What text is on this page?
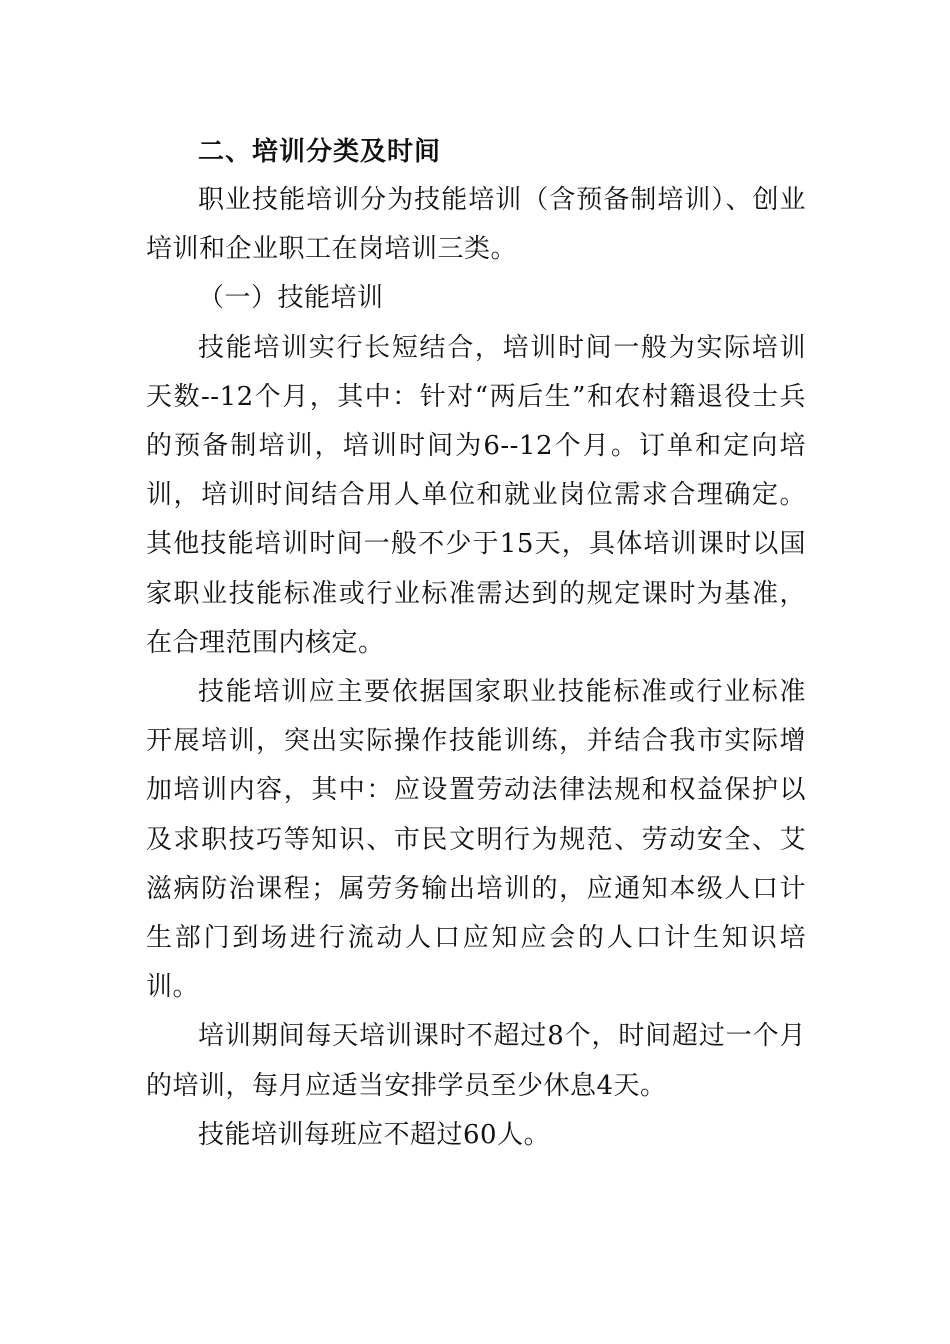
二、培训分类及时间

职业技能培训分为技能培训（含预备制培训）、创业培训和企业职工在岗培训三类。

（一）技能培训

技能培训实行长短结合，培训时间一般为实际培训天数--12个月，其中：针对“两后生”和农村籍退役士兵的预备制培训，培训时间为6--12个月。订单和定向培训，培训时间结合用人单位和就业岗位需求合理确定。其他技能培训时间一般不少于15天，具体培训课时以国家职业技能标准或行业标准需达到的规定课时为基准，在合理范围内核定。

技能培训应主要依据国家职业技能标准或行业标准开展培训，突出实际操作技能训练，并结合我市实际增加培训内容，其中：应设置劳动法律法规和权益保护以及求职技巧等知识、市民文明行为规范、劳动安全、艾滋病防治课程；属劳务输出培训的，应通知本级人口计生部门到场进行流动人口应知应会的人口计生知识培训。

培训期间每天培训课时不超过8个，时间超过一个月的培训，每月应适当安排学员至少休息4天。

技能培训每班应不超过60人。
